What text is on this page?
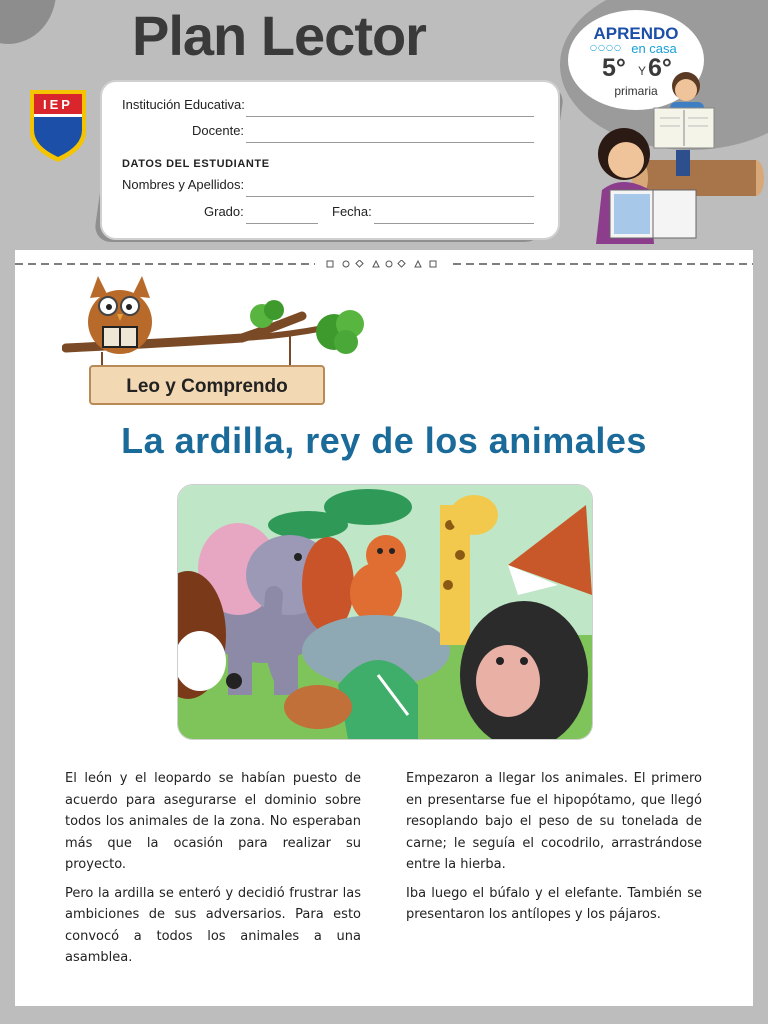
Plan Lector
IEP	Institución Educativa:
Docente:
DATOS DEL ESTUDIANTE
Nombres y Apellidos:
Grado:	Fecha:
APRENDO
en casa
○○○○
5° Y 6°
primaria
Leo y Comprendo
La ardilla, rey de los animales

El león y el leopardo se habían puesto de acuerdo para asegurarse el dominio sobre todos los animales de la zona. No esperaban más que la ocasión para realizar su proyecto.

Pero la ardilla se enteró y decidió frustrar las ambiciones de sus adversarios. Para esto convocó a todos los animales a una asamblea.

Empezaron a llegar los animales. El primero en presentarse fue el hipopótamo, que llegó resoplando bajo el peso de su tonelada de carne; le seguía el cocodrilo, arrastrándose entre la hierba.

Iba luego el búfalo y el elefante. También se presentaron los antílopes y los pájaros.
